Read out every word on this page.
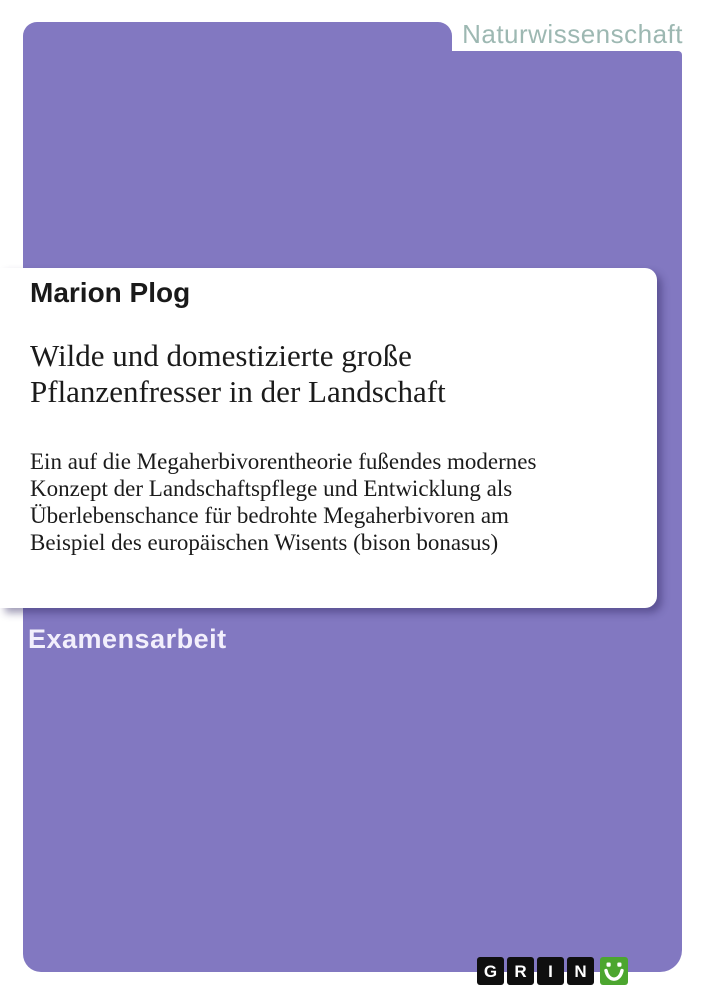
Naturwissenschaft

Marion Plog

Wilde und domestizierte große
Pflanzenfresser in der Landschaft
Ein auf die Megaherbivorentheorie fußendes modernes
Konzept der Landschaftspflege und Entwicklung als
Überlebenschance für bedrohte Megaherbivoren am
Beispiel des europäischen Wisents (bison bonasus)
Examensarbeit
G	R	I	N
